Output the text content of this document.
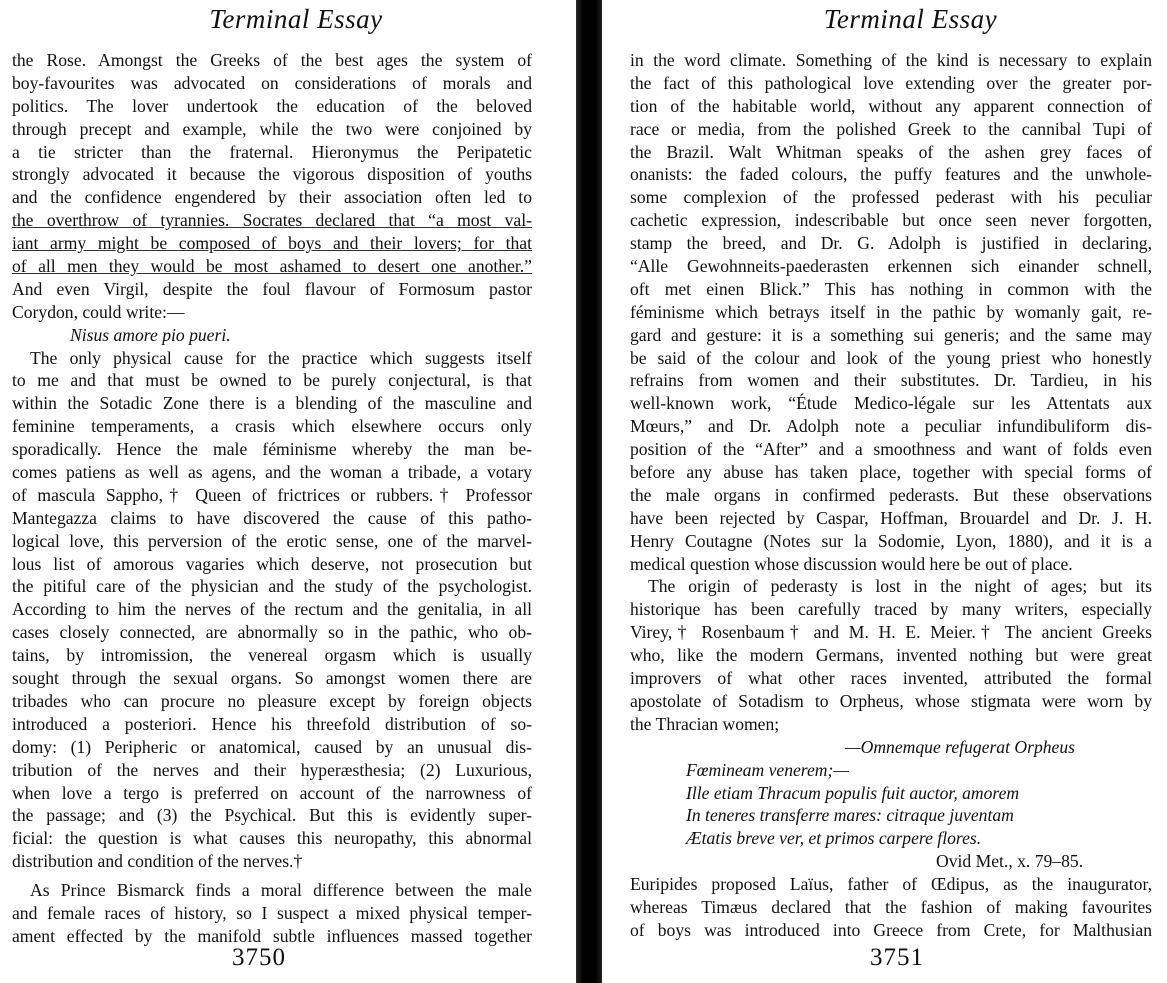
Terminal Essay
the Rose. Amongst the Greeks of the best ages the system of
boy-favourites was advocated on considerations of morals and
politics. The lover undertook the education of the beloved
through precept and example, while the two were conjoined by
a tie stricter than the fraternal. Hieronymus the Peripatetic
strongly advocated it because the vigorous disposition of youths
and the confidence engendered by their association often led to
the overthrow of tyrannies. Socrates declared that “a most val-
iant army might be composed of boys and their lovers; for that
of all men they would be most ashamed to desert one another.”
And even Virgil, despite the foul flavour of Formosum pastor
Corydon, could write:—
Nisus amore pio pueri.
The only physical cause for the practice which suggests itself
to me and that must be owned to be purely conjectural, is that
within the Sotadic Zone there is a blending of the masculine and
feminine temperaments, a crasis which elsewhere occurs only
sporadically. Hence the male féminisme whereby the man be-
comes patiens as well as agens, and the woman a tribade, a votary
of mascula Sappho,† Queen of frictrices or rubbers.† Professor
Mantegazza claims to have discovered the cause of this patho-
logical love, this perversion of the erotic sense, one of the marvel-
lous list of amorous vagaries which deserve, not prosecution but
the pitiful care of the physician and the study of the psychologist.
According to him the nerves of the rectum and the genitalia, in all
cases closely connected, are abnormally so in the pathic, who ob-
tains, by intromission, the venereal orgasm which is usually
sought through the sexual organs. So amongst women there are
tribades who can procure no pleasure except by foreign objects
introduced a posteriori. Hence his threefold distribution of so-
domy: (1) Peripheric or anatomical, caused by an unusual dis-
tribution of the nerves and their hyperæsthesia; (2) Luxurious,
when love a tergo is preferred on account of the narrowness of
the passage; and (3) the Psychical. But this is evidently super-
ficial: the question is what causes this neuropathy, this abnormal
distribution and condition of the nerves.†
As Prince Bismarck finds a moral difference between the male
and female races of history, so I suspect a mixed physical temper-
ament effected by the manifold subtle influences massed together
3750
Terminal Essay
in the word climate. Something of the kind is necessary to explain
the fact of this pathological love extending over the greater por-
tion of the habitable world, without any apparent connection of
race or media, from the polished Greek to the cannibal Tupi of
the Brazil. Walt Whitman speaks of the ashen grey faces of
onanists: the faded colours, the puffy features and the unwhole-
some complexion of the professed pederast with his peculiar
cachetic expression, indescribable but once seen never forgotten,
stamp the breed, and Dr. G. Adolph is justified in declaring,
“Alle Gewohnneits-paederasten erkennen sich einander schnell,
oft met einen Blick.” This has nothing in common with the
féminisme which betrays itself in the pathic by womanly gait, re-
gard and gesture: it is a something sui generis; and the same may
be said of the colour and look of the young priest who honestly
refrains from women and their substitutes. Dr. Tardieu, in his
well-known work, “Étude Medico-légale sur les Attentats aux
Mœurs,” and Dr. Adolph note a peculiar infundibuliform dis-
position of the “After” and a smoothness and want of folds even
before any abuse has taken place, together with special forms of
the male organs in confirmed pederasts. But these observations
have been rejected by Caspar, Hoffman, Brouardel and Dr. J. H.
Henry Coutagne (Notes sur la Sodomie, Lyon, 1880), and it is a
medical question whose discussion would here be out of place.
The origin of pederasty is lost in the night of ages; but its
historique has been carefully traced by many writers, especially
Virey,† Rosenbaum† and M. H. E. Meier.† The ancient Greeks
who, like the modern Germans, invented nothing but were great
improvers of what other races invented, attributed the formal
apostolate of Sotadism to Orpheus, whose stigmata were worn by
the Thracian women;
—Omnemque refugerat Orpheus
Fœmineam venerem;—
Ille etiam Thracum populis fuit auctor, amorem
In teneres transferre mares: citraque juventam
Ætatis breve ver, et primos carpere flores.
Ovid Met., x. 79–85.
Euripides proposed Laïus, father of Œdipus, as the inaugurator,
whereas Timæus declared that the fashion of making favourites
of boys was introduced into Greece from Crete, for Malthusian
3751
